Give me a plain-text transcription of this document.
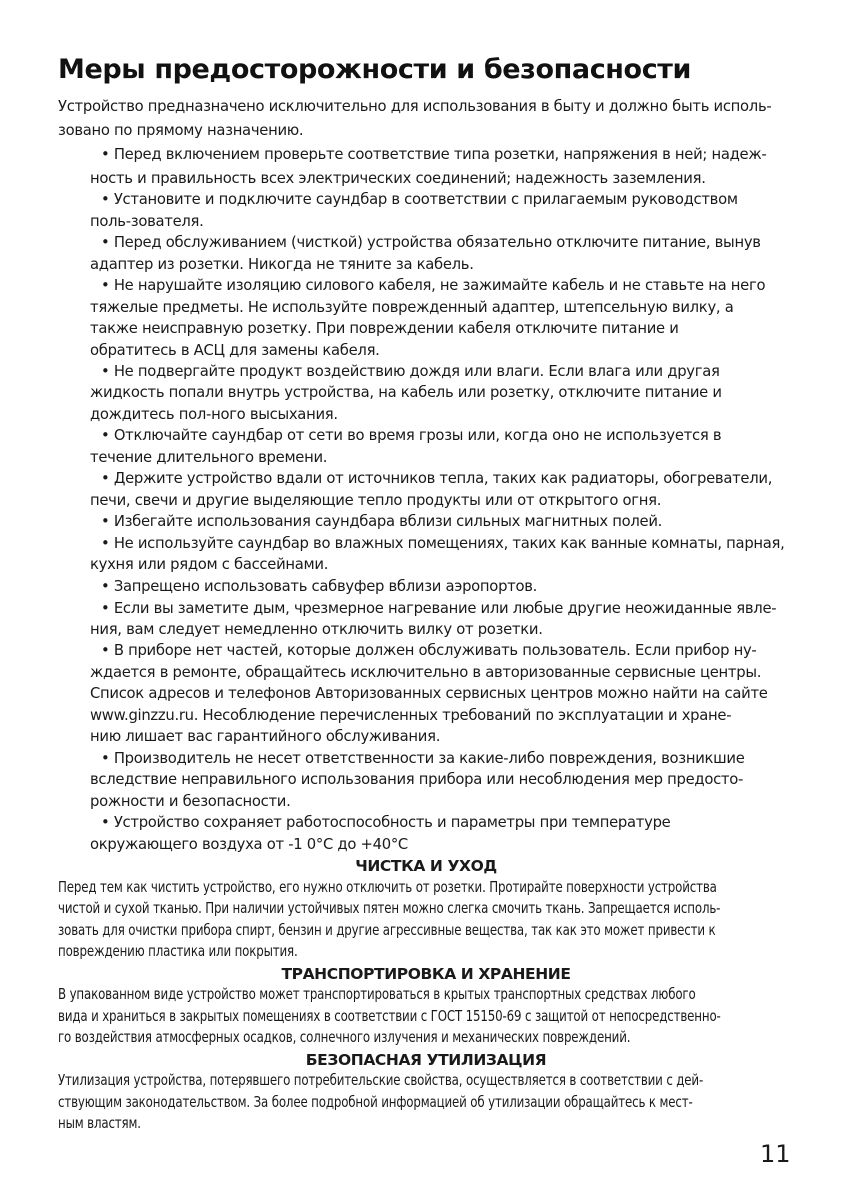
Меры предосторожности и безопасности
Устройство предназначено исключительно для использования в быту и должно быть исполь-
зовано по прямому назначению.
• Перед включением проверьте соответствие типа розетки, напряжения в ней; надеж-
ность и правильность всех электрических соединений; надежность заземления.
• Установите и подключите саундбар в соответствии с прилагаемым руководством
поль-зователя.
• Перед обслуживанием (чисткой) устройства обязательно отключите питание, вынув
адаптер из розетки. Никогда не тяните за кабель.
• Не нарушайте изоляцию силового кабеля, не зажимайте кабель и не ставьте на него
тяжелые предметы. Не используйте поврежденный адаптер, штепсельную вилку, а
также неисправную розетку. При повреждении кабеля отключите питание и
обратитесь в АСЦ для замены кабеля.
• Не подвергайте продукт воздействию дождя или влаги. Если влага или другая
жидкость попали внутрь устройства, на кабель или розетку, отключите питание и
дождитесь пол-ного высыхания.
• Отключайте саундбар от сети во время грозы или, когда оно не используется в
течение длительного времени.
• Держите устройство вдали от источников тепла, таких как радиаторы, обогреватели,
печи, свечи и другие выделяющие тепло продукты или от открытого огня.
• Избегайте использования саундбара вблизи сильных магнитных полей.
• Не используйте саундбар во влажных помещениях, таких как ванные комнаты, парная,
кухня или рядом с бассейнами.
• Запрещено использовать сабвуфер вблизи аэропортов.
• Если вы заметите дым, чрезмерное нагревание или любые другие неожиданные явле-
ния, вам следует немедленно отключить вилку от розетки.
• В приборе нет частей, которые должен обслуживать пользователь. Если прибор ну-
ждается в ремонте, обращайтесь исключительно в авторизованные сервисные центры.
Список адресов и телефонов Авторизованных сервисных центров можно найти на сайте
www.ginzzu.ru. Несоблюдение перечисленных требований по эксплуатации и хране-
нию лишает вас гарантийного обслуживания.
• Производитель не несет ответственности за какие-либо повреждения, возникшие
вследствие неправильного использования прибора или несоблюдения мер предосто-
рожности и безопасности.
• Устройство сохраняет работоспособность и параметры при температуре
окружающего воздуха от -1 0°С до +40°С
ЧИСТКА И УХОД
Перед тем как чистить устройство, его нужно отключить от розетки. Протирайте поверхности устройства
чистой и сухой тканью. При наличии устойчивых пятен можно слегка смочить ткань. Запрещается исполь-
зовать для очистки прибора спирт, бензин и другие агрессивные вещества, так как это может привести к
повреждению пластика или покрытия.
ТРАНСПОРТИРОВКА И ХРАНЕНИЕ
В упакованном виде устройство может транспортироваться в крытых транспортных средствах любого
вида и храниться в закрытых помещениях в соответствии с ГОСТ 15150-69 с защитой от непосредственно-
го воздействия атмосферных осадков, солнечного излучения и механических повреждений.
БЕЗОПАСНАЯ УТИЛИЗАЦИЯ
Утилизация устройства, потерявшего потребительские свойства, осуществляется в соответствии с дей-
ствующим законодательством. За более подробной информацией об утилизации обращайтесь к мест-
ным властям.
11
